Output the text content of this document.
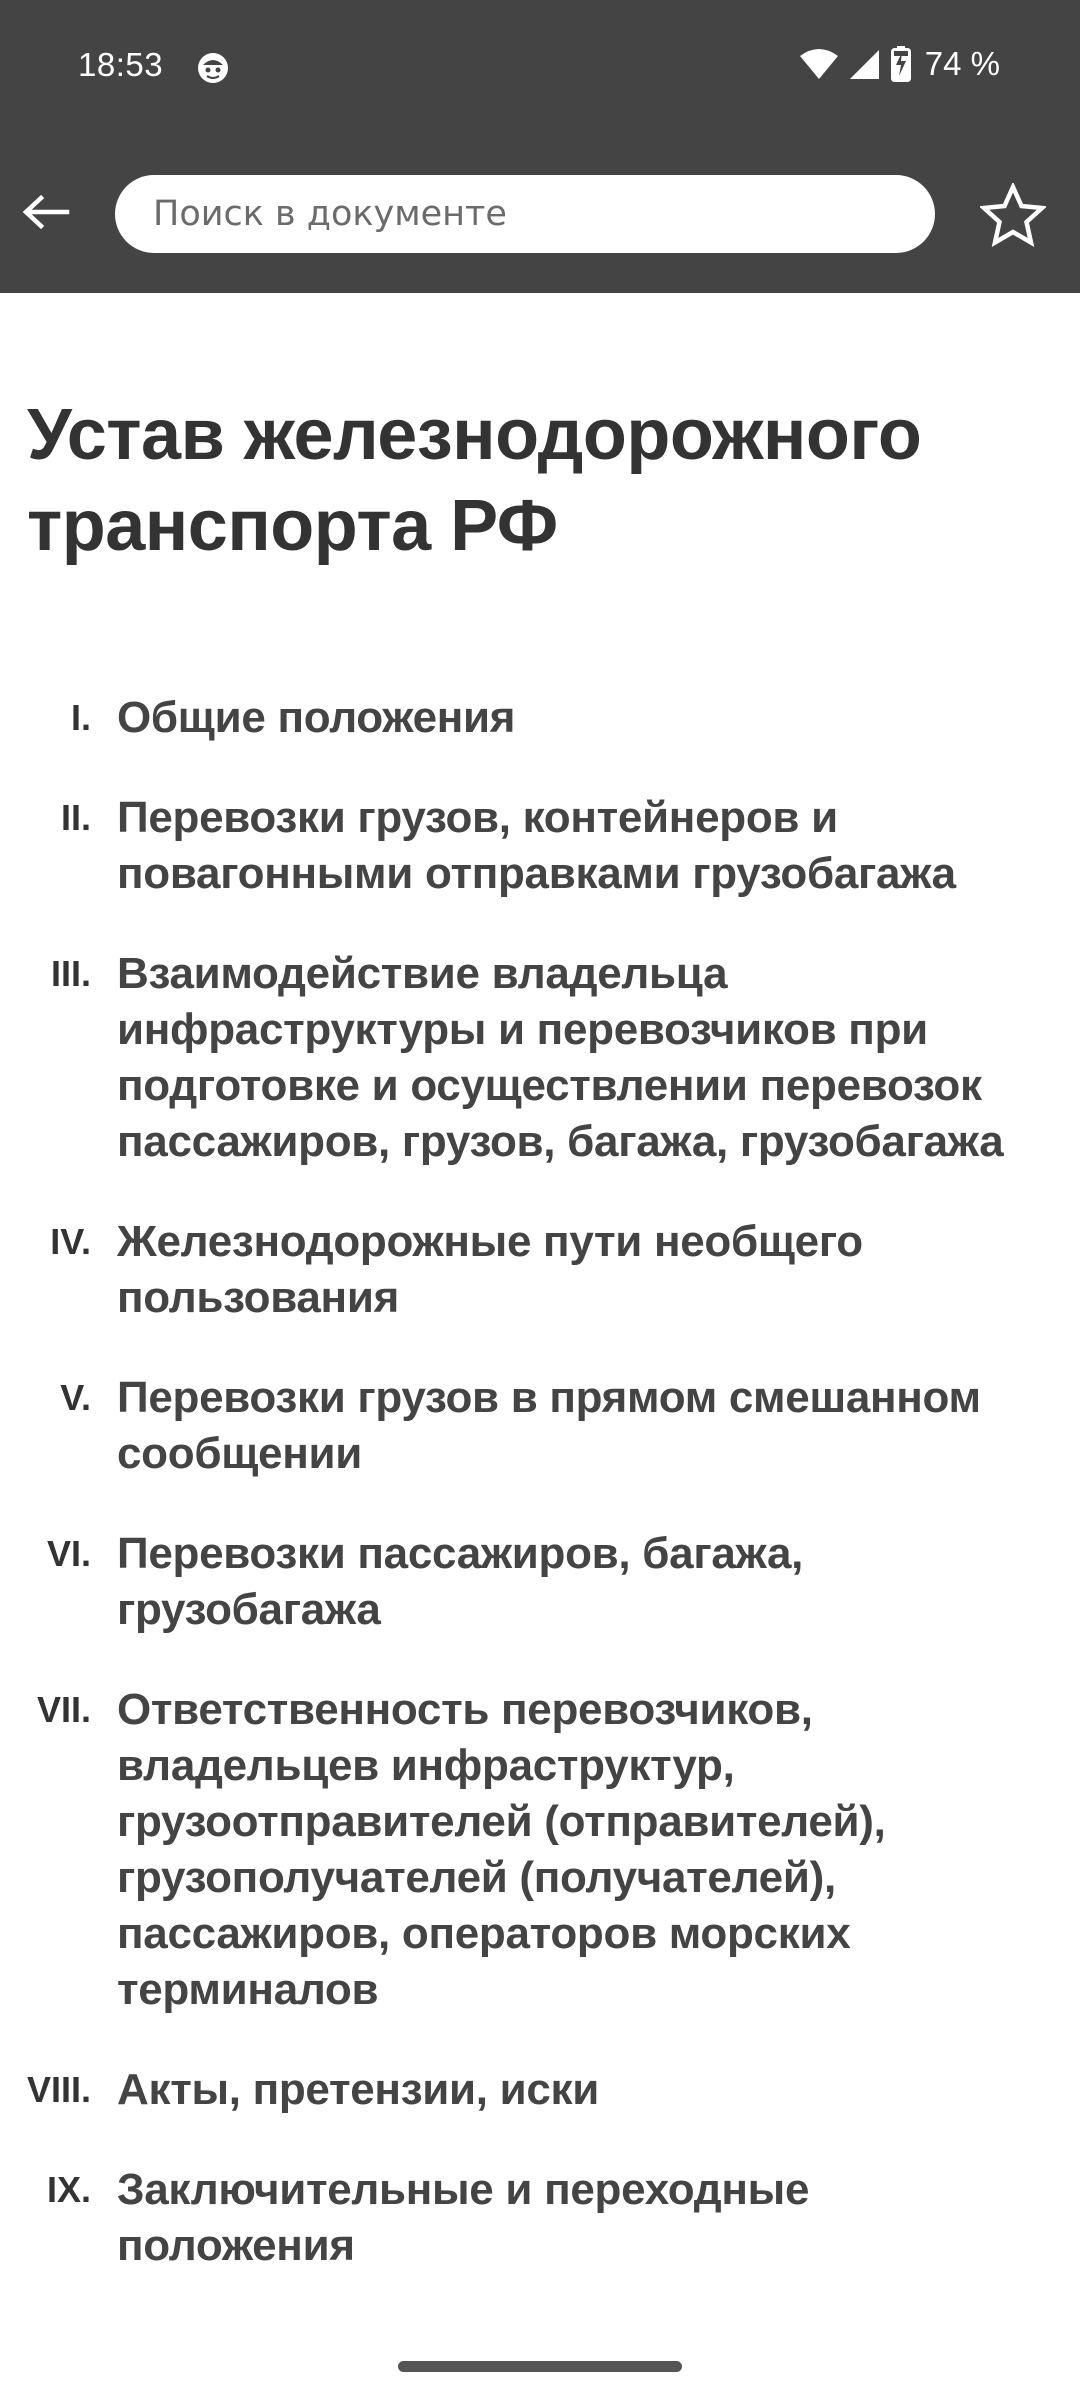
18:53	74 %
Поиск в документе
Устав железнодорожного транспорта РФ
I. Общие положения
II. Перевозки грузов, контейнеров и повагонными отправками грузобагажа
III. Взаимодействие владельца инфраструктуры и перевозчиков при подготовке и осуществлении перевозок пассажиров, грузов, багажа, грузобагажа
IV. Железнодорожные пути необщего пользования
V. Перевозки грузов в прямом смешанном сообщении
VI. Перевозки пассажиров, багажа, грузобагажа
VII. Ответственность перевозчиков, владельцев инфраструктур, грузоотправителей (отправителей), грузополучателей (получателей), пассажиров, операторов морских терминалов
VIII. Акты, претензии, иски
IX. Заключительные и переходные положения
